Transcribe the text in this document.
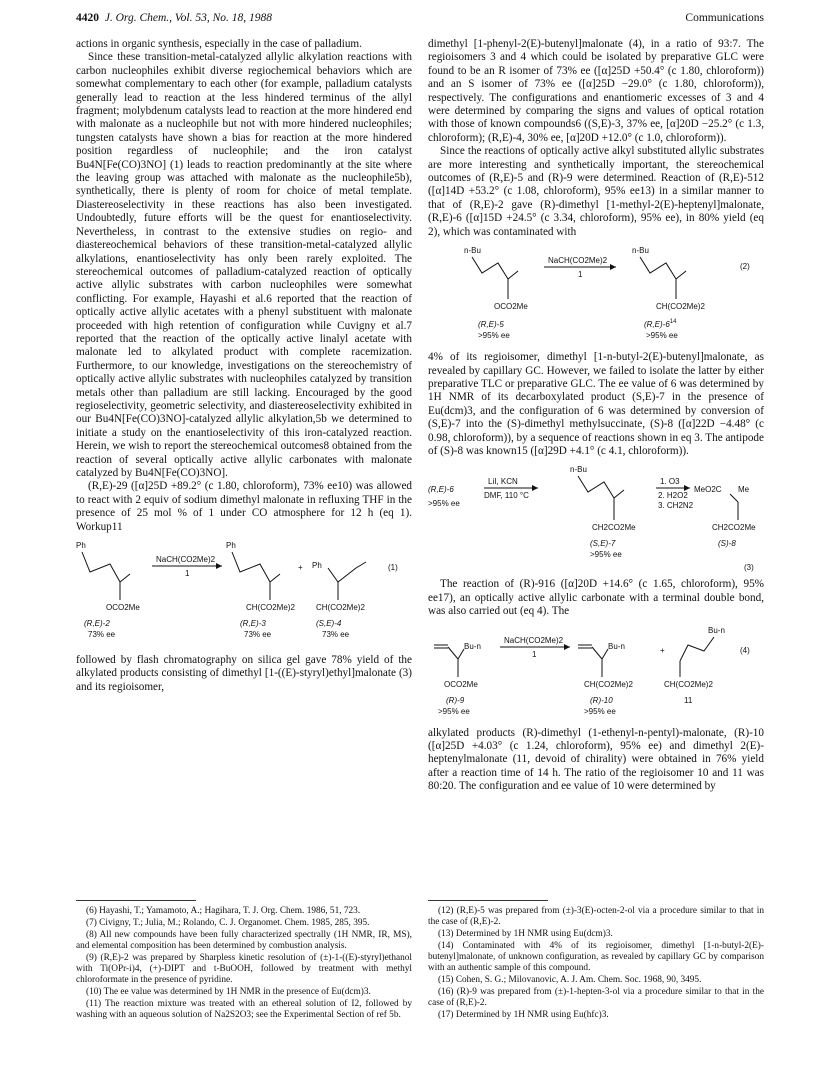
4420 J. Org. Chem., Vol. 53, No. 18, 1988	Communications

actions in organic synthesis, especially in the case of palladium.

Since these transition-metal-catalyzed allylic alkylation reactions with carbon nucleophiles exhibit diverse regiochemical behaviors which are somewhat complementary to each other (for example, palladium catalysts generally lead to reaction at the less hindered terminus of the allyl fragment; molybdenum catalysts lead to reaction at the more hindered end with malonate as a nucleophile but not with more hindered nucleophiles; tungsten catalysts have shown a bias for reaction at the more hindered position regardless of nucleophile; and the iron catalyst Bu4N[Fe(CO)3NO] (1) leads to reaction predominantly at the site where the leaving group was attached with malonate as the nucleophile5b), synthetically, there is plenty of room for choice of metal template. Diastereoselectivity in these reactions has also been investigated. Undoubtedly, future efforts will be the quest for enantioselectivity. Nevertheless, in contrast to the extensive studies on regio- and diastereochemical behaviors of these transition-metal-catalyzed allylic alkylations, enantioselectivity has only been rarely exploited. The stereochemical outcomes of palladium-catalyzed reaction of optically active allylic substrates with carbon nucleophiles were somewhat conflicting. For example, Hayashi et al.6 reported that the reaction of optically active allylic acetates with a phenyl substituent with malonate proceeded with high retention of configuration while Cuvigny et al.7 reported that the reaction of the optically active linalyl acetate with malonate led to alkylated product with complete racemization. Furthermore, to our knowledge, investigations on the stereochemistry of optically active allylic substrates with nucleophiles catalyzed by transition metals other than palladium are still lacking. Encouraged by the good regioselectivity, geometric selectivity, and diastereoselectivity exhibited in our Bu4N[Fe(CO)3NO]-catalyzed allylic alkylation,5b we determined to initiate a study on the enantioselectivity of this iron-catalyzed reaction. Herein, we wish to report the stereochemical outcomes8 obtained from the reaction of several optically active allylic carbonates with malonate catalyzed by Bu4N[Fe(CO)3NO].

(R,E)-29 ([α]25D +89.2° (c 1.80, chloroform), 73% ee10) was allowed to react with 2 equiv of sodium dimethyl malonate in refluxing THF in the presence of 25 mol % of 1 under CO atmosphere for 12 h (eq 1). Workup11

Ph
OCO2Me
(R,E)-2
73% ee
NaCH(CO2Me)2
1
Ph
CH(CO2Me)2
(R,E)-3
73% ee
+ Ph
CH(CO2Me)2
(S,E)-4
73% ee
(1)

followed by flash chromatography on silica gel gave 78% yield of the alkylated products consisting of dimethyl [1-((E)-styryl)ethyl]malonate (3) and its regioisomer,

(6) Hayashi, T.; Yamamoto, A.; Hagihara, T. J. Org. Chem. 1986, 51, 723.

(7) Civigny, T.; Julia, M.; Rolando, C. J. Organomet. Chem. 1985, 285, 395.

(8) All new compounds have been fully characterized spectrally (1H NMR, IR, MS), and elemental composition has been determined by combustion analysis.

(9) (R,E)-2 was prepared by Sharpless kinetic resolution of (±)-1-((E)-styryl)ethanol with Ti(OPr-i)4, (+)-DIPT and t-BuOOH, followed by treatment with methyl chloroformate in the presence of pyridine.

(10) The ee value was determined by 1H NMR in the presence of Eu(dcm)3.

(11) The reaction mixture was treated with an ethereal solution of I2, followed by washing with an aqueous solution of Na2S2O3; see the Experimental Section of ref 5b.

dimethyl [1-phenyl-2(E)-butenyl]malonate (4), in a ratio of 93:7. The regioisomers 3 and 4 which could be isolated by preparative GLC were found to be an R isomer of 73% ee ([α]25D +50.4° (c 1.80, chloroform)) and an S isomer of 73% ee ([α]25D −29.0° (c 1.80, chloroform)), respectively. The configurations and enantiomeric excesses of 3 and 4 were determined by comparing the signs and values of optical rotation with those of known compounds6 ((S,E)-3, 37% ee, [α]20D −25.2° (c 1.3, chloroform); (R,E)-4, 30% ee, [α]20D +12.0° (c 1.0, chloroform)).

Since the reactions of optically active alkyl substituted allylic substrates are more interesting and synthetically important, the stereochemical outcomes of (R,E)-5 and (R)-9 were determined. Reaction of (R,E)-512 ([α]14D +53.2° (c 1.08, chloroform), 95% ee13) in a similar manner to that of (R,E)-2 gave (R)-dimethyl [1-methyl-2(E)-heptenyl]malonate, (R,E)-6 ([α]15D +24.5° (c 3.34, chloroform), 95% ee), in 80% yield (eq 2), which was contaminated with

n-Bu
OCO2Me
(R,E)-5
>95% ee
NaCH(CO2Me)2
1
n-Bu
CH(CO2Me)2
$(R,E)-6^{14}$
>95% ee
(2)

4% of its regioisomer, dimethyl [1-n-butyl-2(E)-butenyl]malonate, as revealed by capillary GC. However, we failed to isolate the latter by either preparative TLC or preparative GLC. The ee value of 6 was determined by 1H NMR of its decarboxylated product (S,E)-7 in the presence of Eu(dcm)3, and the configuration of 6 was determined by conversion of (S,E)-7 into the (S)-dimethyl methylsuccinate, (S)-8 ([α]22D −4.48° (c 0.98, chloroform)), by a sequence of reactions shown in eq 3. The antipode of (S)-8 was known15 ([α]29D +4.1° (c 4.1, chloroform)).

(R,E)-6
>95% ee
LiI, KCN
DMF, 110 °C
n-Bu
CH2CO2Me
(S,E)-7
>95% ee
1. O3
2. H2O2
3. CH2N2
MeO2C Me
CH2CO2Me
(S)-8
(3)

The reaction of (R)-916 ([α]20D +14.6° (c 1.65, chloroform), 95% ee17), an optically active allylic carbonate with a terminal double bond, was also carried out (eq 4). The

Bu-n
OCO2Me
(R)-9
>95% ee
NaCH(CO2Me)2
1
Bu-n
CH(CO2Me)2
(R)-10
>95% ee
+
Bu-n
CH(CO2Me)2
11
(4)

alkylated products (R)-dimethyl (1-ethenyl-n-pentyl)-malonate, (R)-10 ([α]25D +4.03° (c 1.24, chloroform), 95% ee) and dimethyl 2(E)-heptenylmalonate (11, devoid of chirality) were obtained in 76% yield after a reaction time of 14 h. The ratio of the regioisomer 10 and 11 was 80:20. The configuration and ee value of 10 were determined by

(12) (R,E)-5 was prepared from (±)-3(E)-octen-2-ol via a procedure similar to that in the case of (R,E)-2.

(13) Determined by 1H NMR using Eu(dcm)3.

(14) Contaminated with 4% of its regioisomer, dimethyl [1-n-butyl-2(E)-butenyl]malonate, of unknown configuration, as revealed by capillary GC by comparison with an authentic sample of this compound.

(15) Cohen, S. G.; Milovanovic, A. J. Am. Chem. Soc. 1968, 90, 3495.

(16) (R)-9 was prepared from (±)-1-hepten-3-ol via a procedure similar to that in the case of (R,E)-2.

(17) Determined by 1H NMR using Eu(hfc)3.
